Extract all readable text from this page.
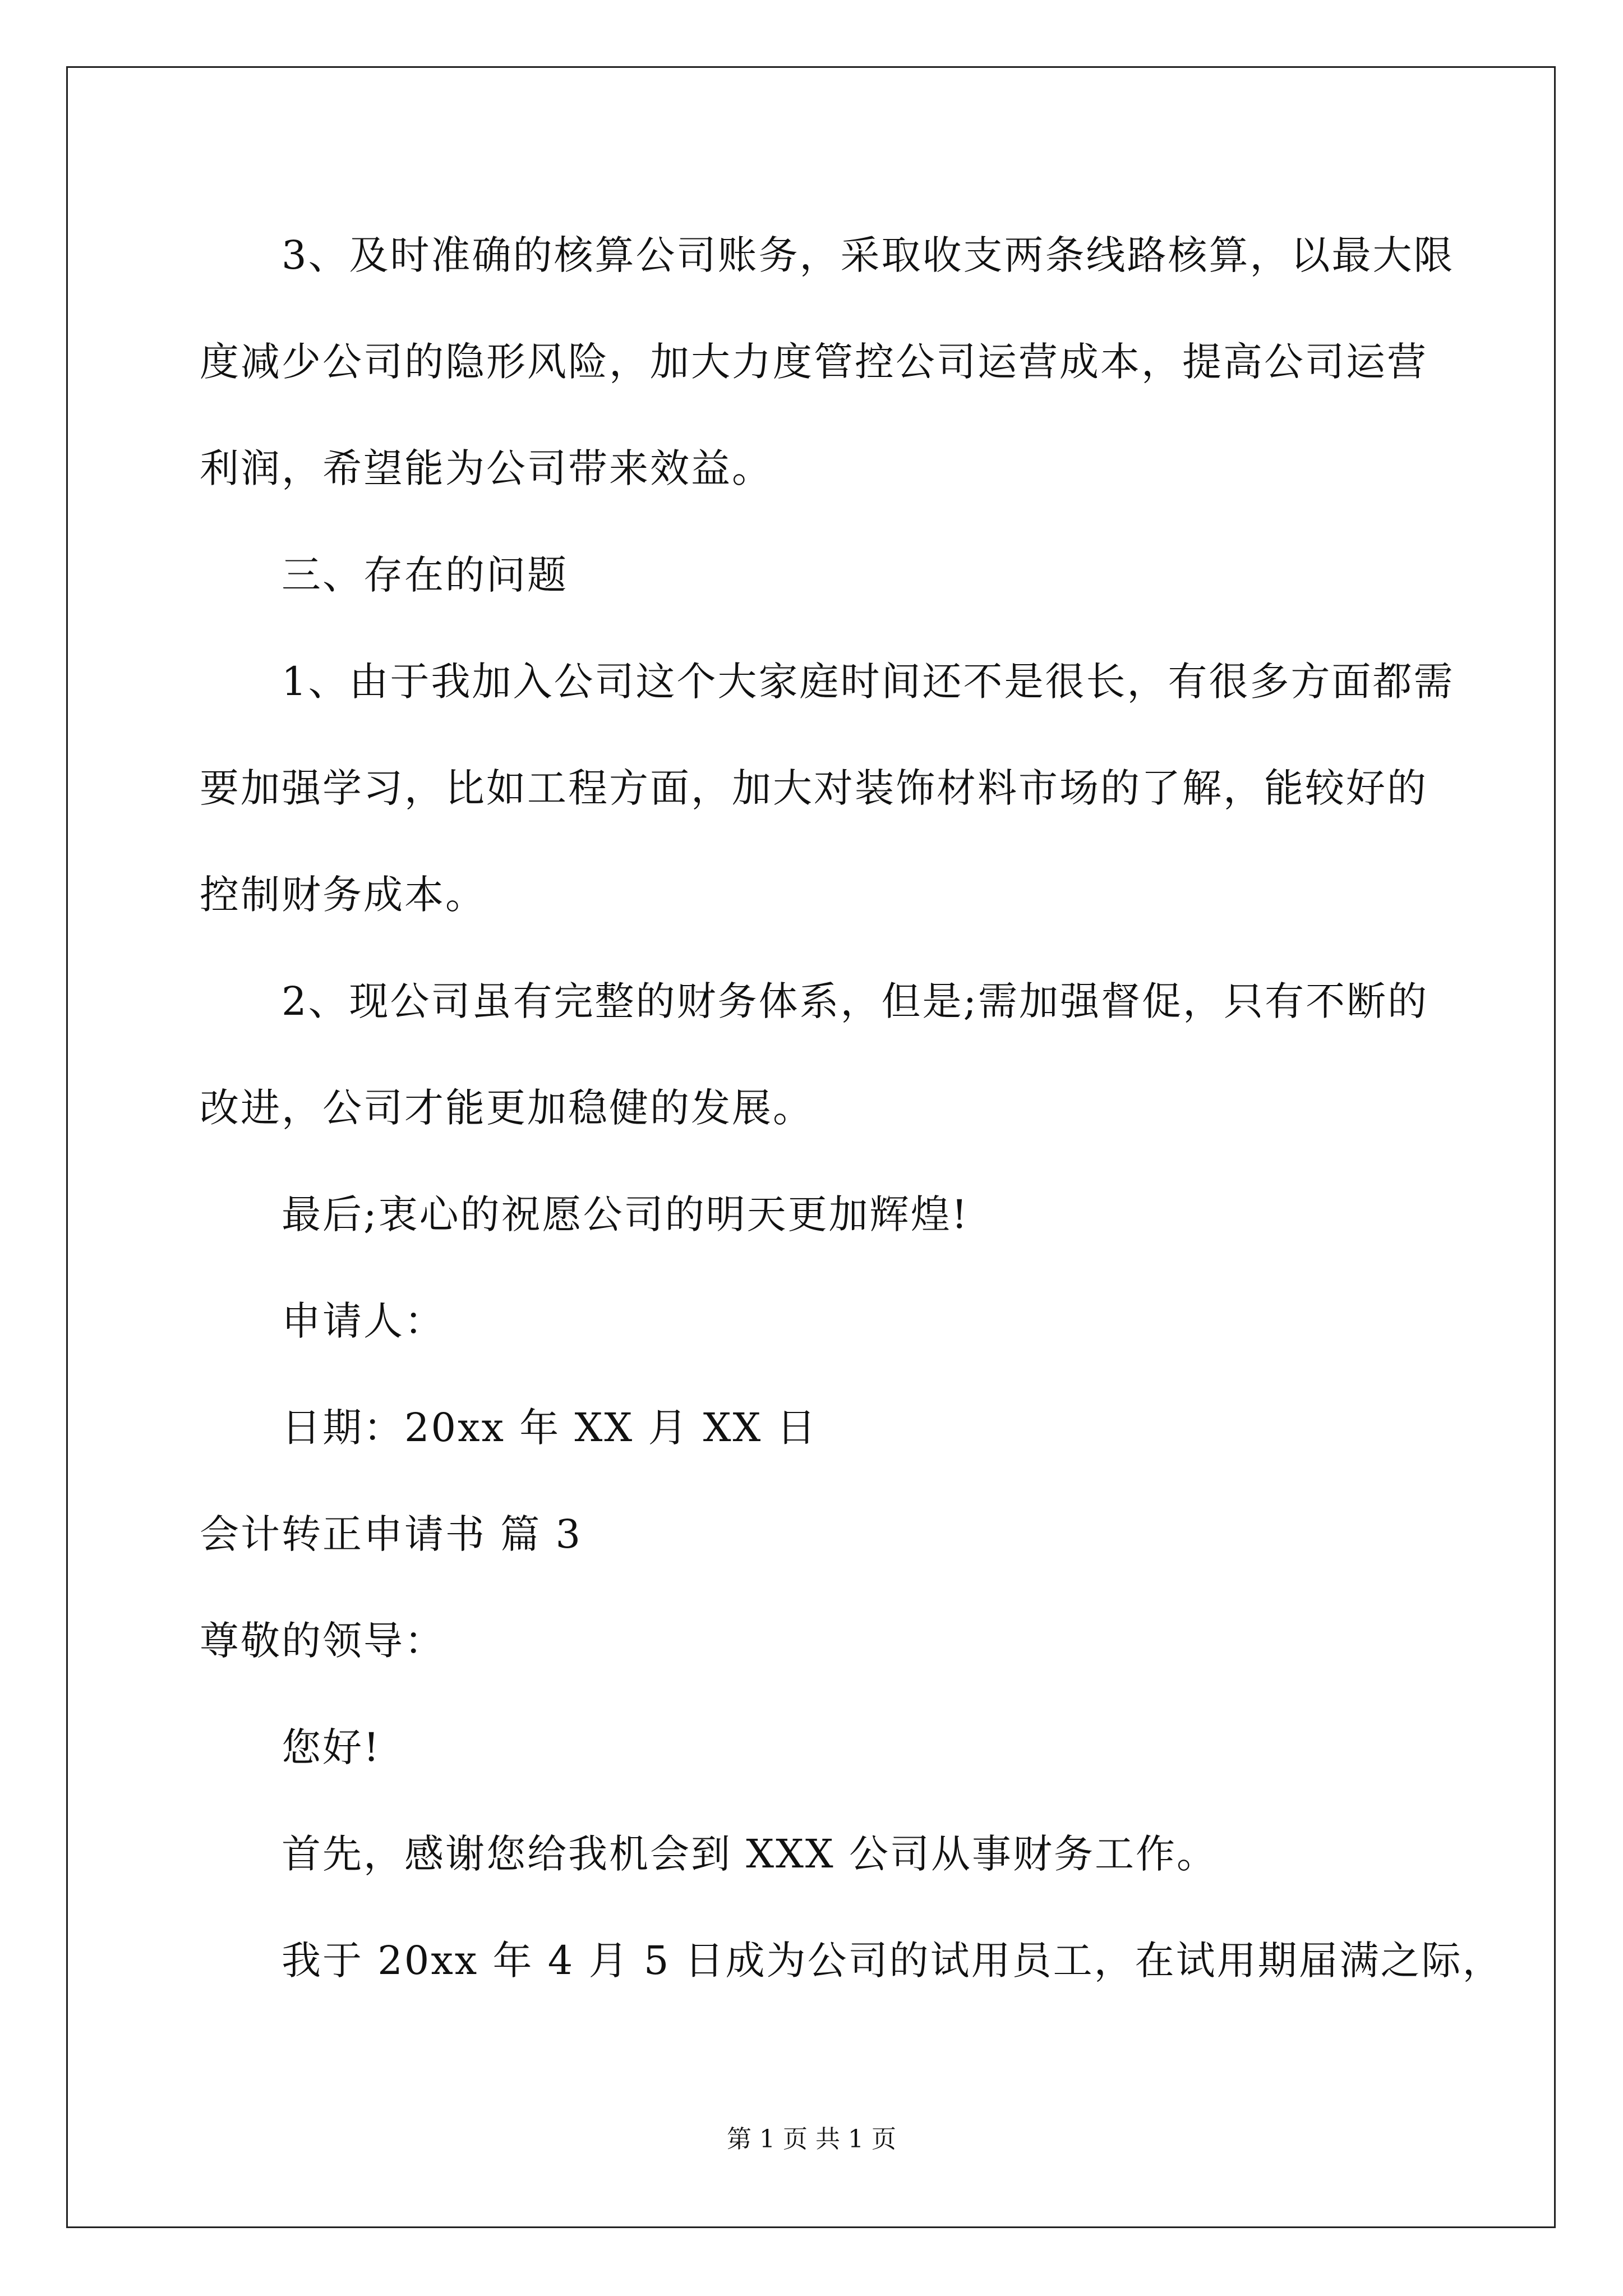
3、及时准确的核算公司账务，采取收支两条线路核算，以最大限
度减少公司的隐形风险，加大力度管控公司运营成本，提高公司运营
利润，希望能为公司带来效益。
三、存在的问题
1、由于我加入公司这个大家庭时间还不是很长，有很多方面都需
要加强学习，比如工程方面，加大对装饰材料市场的了解，能较好的
控制财务成本。
2、现公司虽有完整的财务体系，但是;需加强督促，只有不断的
改进，公司才能更加稳健的发展。
最后;衷心的祝愿公司的明天更加辉煌!
申请人：
日期：20xx 年 XX 月 XX 日
会计转正申请书 篇 3
尊敬的领导：
您好!
首先，感谢您给我机会到 XXX 公司从事财务工作。
我于 20xx 年 4 月 5 日成为公司的试用员工，在试用期届满之际，
第 1 页 共 1 页
